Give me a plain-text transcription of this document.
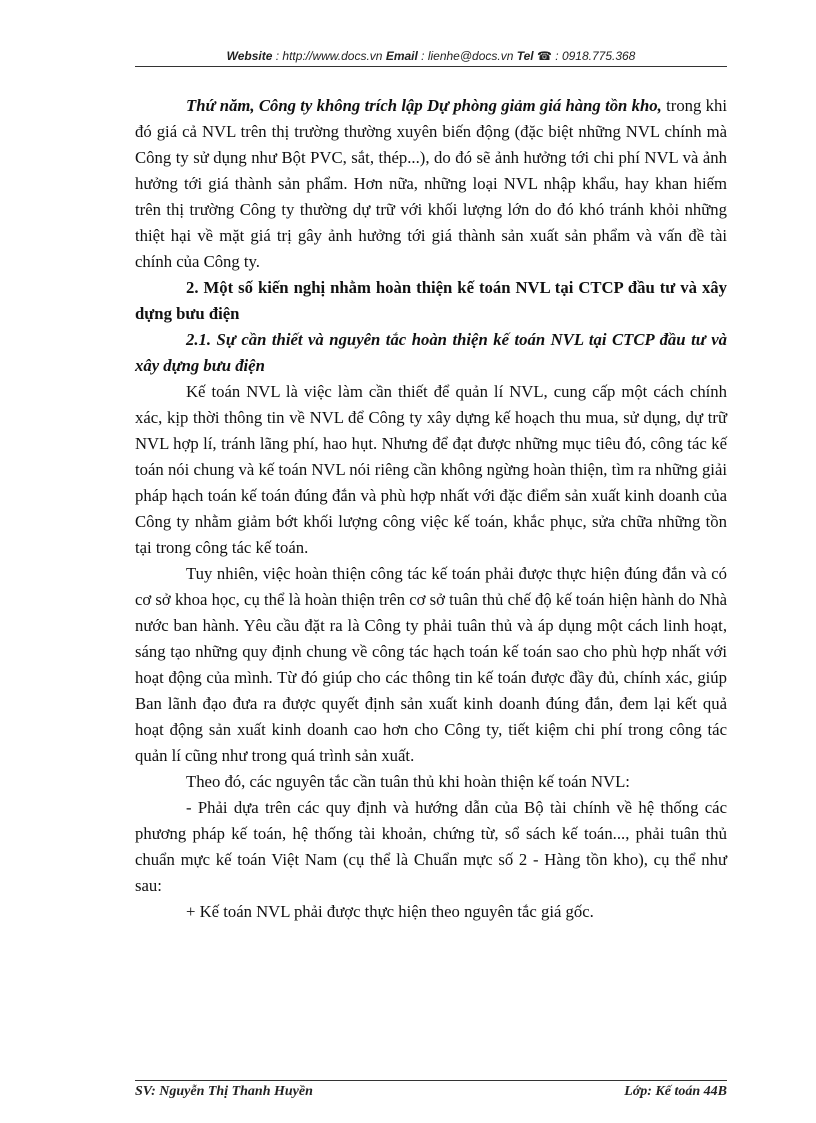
Website : http://www.docs.vn Email : lienhe@docs.vn Tel ☎ : 0918.775.368

Thứ năm, Công ty không trích lập Dự phòng giảm giá hàng tồn kho, trong khi đó giá cả NVL trên thị trường thường xuyên biến động (đặc biệt những NVL chính mà Công ty sử dụng như Bột PVC, sắt, thép...), do đó sẽ ảnh hưởng tới chi phí NVL và ảnh hưởng tới giá thành sản phẩm. Hơn nữa, những loại NVL nhập khẩu, hay khan hiếm trên thị trường Công ty thường dự trữ với khối lượng lớn do đó khó tránh khỏi những thiệt hại về mặt giá trị gây ảnh hưởng tới giá thành sản xuất sản phẩm và vấn đề tài chính của Công ty.

2. Một số kiến nghị nhằm hoàn thiện kế toán NVL tại CTCP đầu tư và xây dựng bưu điện

2.1. Sự cần thiết và nguyên tắc hoàn thiện kế toán NVL tại CTCP đầu tư và xây dựng bưu điện

Kế toán NVL là việc làm cần thiết để quản lí NVL, cung cấp một cách chính xác, kịp thời thông tin về NVL để Công ty xây dựng kế hoạch thu mua, sử dụng, dự trữ NVL hợp lí, tránh lãng phí, hao hụt. Nhưng để đạt được những mục tiêu đó, công tác kế toán nói chung và kế toán NVL nói riêng cần không ngừng hoàn thiện, tìm ra những giải pháp hạch toán kế toán đúng đắn và phù hợp nhất với đặc điểm sản xuất kinh doanh của Công ty nhằm giảm bớt khối lượng công việc kế toán, khắc phục, sửa chữa những tồn tại trong công tác kế toán.

Tuy nhiên, việc hoàn thiện công tác kế toán phải được thực hiện đúng đắn và có cơ sở khoa học, cụ thể là hoàn thiện trên cơ sở tuân thủ chế độ kế toán hiện hành do Nhà nước ban hành. Yêu cầu đặt ra là Công ty phải tuân thủ và áp dụng một cách linh hoạt, sáng tạo những quy định chung về công tác hạch toán kế toán sao cho phù hợp nhất với hoạt động của mình. Từ đó giúp cho các thông tin kế toán được đầy đủ, chính xác, giúp Ban lãnh đạo đưa ra được quyết định sản xuất kinh doanh đúng đắn, đem lại kết quả hoạt động sản xuất kinh doanh cao hơn cho Công ty, tiết kiệm chi phí trong công tác quản lí cũng như trong quá trình sản xuất.

Theo đó, các nguyên tắc cần tuân thủ khi hoàn thiện kế toán NVL:

- Phải dựa trên các quy định và hướng dẫn của Bộ tài chính về hệ thống các phương pháp kế toán, hệ thống tài khoản, chứng từ, sổ sách kế toán..., phải tuân thủ chuẩn mực kế toán Việt Nam (cụ thể là Chuẩn mực số 2 - Hàng tồn kho), cụ thể như sau:

+ Kế toán NVL phải được thực hiện theo nguyên tắc giá gốc.

SV: Nguyễn Thị Thanh Huyền	Lớp: Kế toán 44B
